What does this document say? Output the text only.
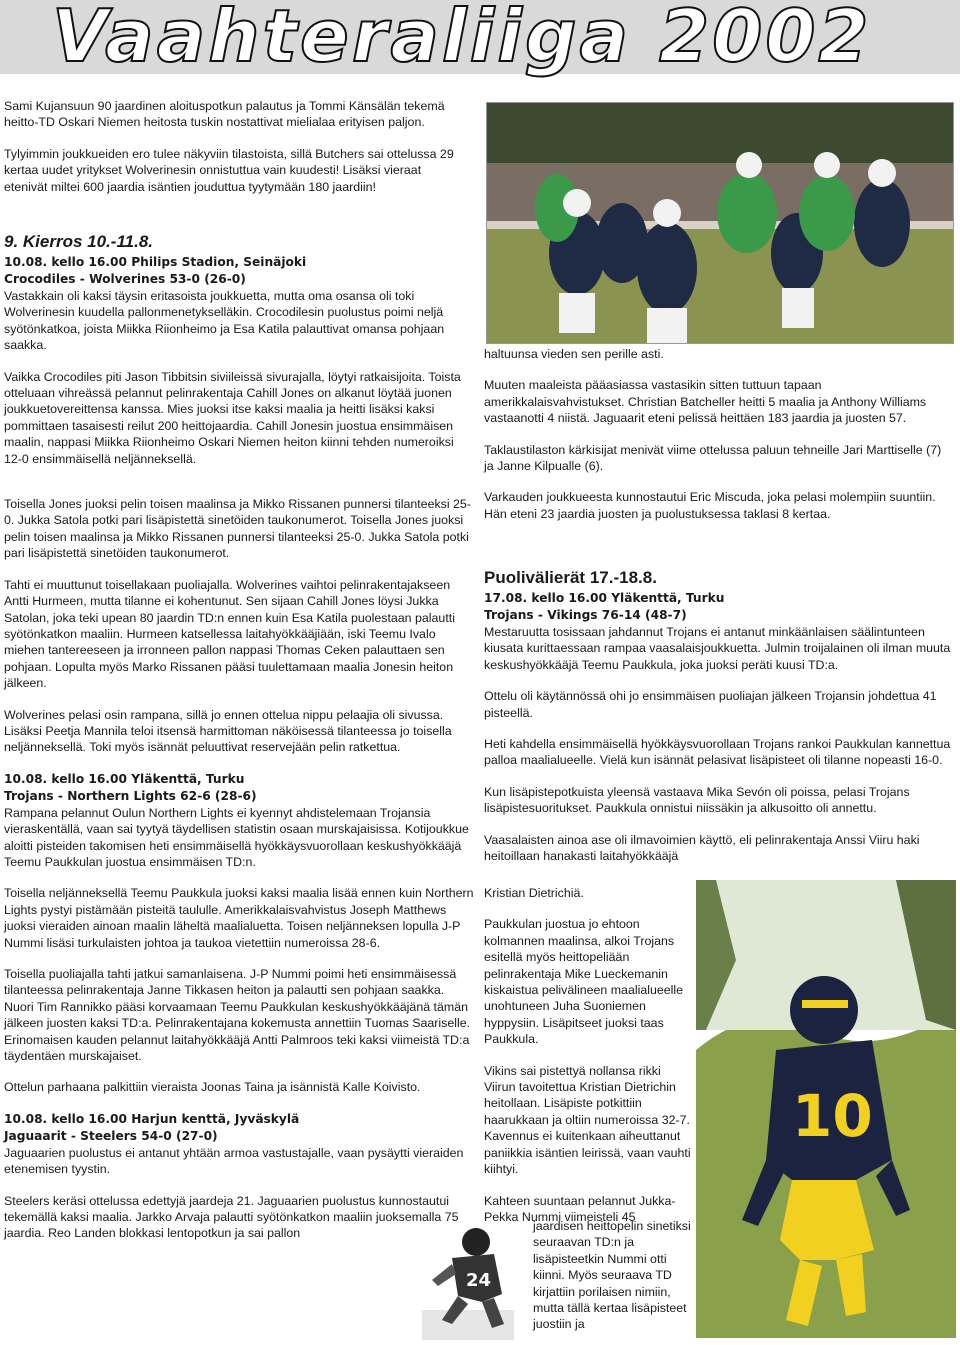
Vaahteraliiga 2002

Sami Kujansuun 90 jaardinen aloituspotkun palautus ja Tommi Känsälän tekemä heitto-TD Oskari Niemen heitosta tuskin nostattivat mielialaa erityisen paljon.

Tylyimmin joukkueiden ero tulee näkyviin tilastoista, sillä Butchers sai ottelussa 29 kertaa uudet yritykset Wolverinesin onnistuttua vain kuudesti! Lisäksi vieraat etenivät miltei 600 jaardia isäntien jouduttua tyytymään 180 jaardiin!

9. Kierros 10.-11.8.
10.08. kello 16.00 Philips Stadion, Seinäjoki
Crocodiles - Wolverines 53-0 (26-0)

Vastakkain oli kaksi täysin eritasoista joukkuetta, mutta oma osansa oli toki Wolverinesin kuudella pallonmenetykselläkin. Crocodilesin puolustus poimi neljä syötönkatkoa, joista Miikka Riionheimo ja Esa Katila palauttivat omansa pohjaan saakka.

Vaikka Crocodiles piti Jason Tibbitsin siviileissä sivurajalla, löytyi ratkaisijoita. Toista otteluaan vihreässä pelannut pelinrakentaja Cahill Jones on alkanut löytää juonen joukkuetovereittensa kanssa. Mies juoksi itse kaksi maalia ja heitti lisäksi kaksi pommittaen tasaisesti reilut 200 heittojaardia. Cahill Jonesin juostua ensimmäisen maalin, nappasi Miikka Riionheimo Oskari Niemen heiton kiinni tehden numeroiksi 12-0 ensimmäisellä neljänneksellä.

Toisella Jones juoksi pelin toisen maalinsa ja Mikko Rissanen punnersi tilanteeksi 25-0. Jukka Satola potki pari lisäpistettä sinetöiden taukonumerot. Toisella Jones juoksi pelin toisen maalinsa ja Mikko Rissanen punnersi tilanteeksi 25-0. Jukka Satola potki pari lisäpistettä sinetöiden taukonumerot.

Tahti ei muuttunut toisellakaan puoliajalla. Wolverines vaihtoi pelinrakentajakseen Antti Hurmeen, mutta tilanne ei kohentunut. Sen sijaan Cahill Jones löysi Jukka Satolan, joka teki upean 80 jaardin TD:n ennen kuin Esa Katila puolestaan palautti syötönkatkon maaliin. Hurmeen katsellessa laitahyökkääjiään, iski Teemu Ivalo miehen tantereeseen ja irronneen pallon nappasi Thomas Ceken palauttaen sen pohjaan. Lopulta myös Marko Rissanen pääsi tuulettamaan maalia Jonesin heiton jälkeen.

Wolverines pelasi osin rampana, sillä jo ennen ottelua nippu pelaajia oli sivussa. Lisäksi Peetja Mannila teloi itsensä harmittoman näköisessä tilanteessa jo toisella neljänneksellä. Toki myös isännät peluuttivat reservejään pelin ratkettua.

10.08. kello 16.00 Yläkenttä, Turku
Trojans - Northern Lights 62-6 (28-6)

Rampana pelannut Oulun Northern Lights ei kyennyt ahdistelemaan Trojansia vieraskentällä, vaan sai tyytyä täydellisen statistin osaan murskajaisissa. Kotijoukkue aloitti pisteiden takomisen heti ensimmäisellä hyökkäysvuorollaan keskushyökkääjä Teemu Paukkulan juostua ensimmäisen TD:n.

Toisella neljänneksellä Teemu Paukkula juoksi kaksi maalia lisää ennen kuin Northern Lights pystyi pistämään pisteitä taululle. Amerikkalaisvahvistus Joseph Matthews juoksi vieraiden ainoan maalin läheltä maalialuetta. Toisen neljänneksen lopulla J-P Nummi lisäsi turkulaisten johtoa ja taukoa vietettiin numeroissa 28-6.

Toisella puoliajalla tahti jatkui samanlaisena. J-P Nummi poimi heti ensimmäisessä tilanteessa pelinrakentaja Janne Tikkasen heiton ja palautti sen pohjaan saakka. Nuori Tim Rannikko pääsi korvaamaan Teemu Paukkulan keskushyökkääjänä tämän jälkeen juosten kaksi TD:a. Pelinrakentajana kokemusta annettiin Tuomas Saariselle. Erinomaisen kauden pelannut laitahyökkääjä Antti Palmroos teki kaksi viimeistä TD:a täydentäen murskajaiset.

Ottelun parhaana palkittiin vieraista Joonas Taina ja isännistä Kalle Koivisto.

10.08. kello 16.00 Harjun kenttä, Jyväskylä
Jaguaarit - Steelers 54-0 (27-0)

Jaguaarien puolustus ei antanut yhtään armoa vastustajalle, vaan pysäytti vieraiden etenemisen tyystin.

Steelers keräsi ottelussa edettyjä jaardeja 21. Jaguaarien puolustus kunnostautui tekemällä kaksi maalia. Jarkko Arvaja palautti syötönkatkon maaliin juoksemalla 75 jaardia. Reo Landen blokkasi lentopotkun ja sai pallon

24

haltuunsa vieden sen perille asti.

Muuten maaleista pääasiassa vastasikin sitten tuttuun tapaan amerikkalaisvahvistukset. Christian Batcheller heitti 5 maalia ja Anthony Williams vastaanotti 4 niistä. Jaguaarit eteni pelissä heittäen 183 jaardia ja juosten 57.

Taklaustilaston kärkisijat menivät viime ottelussa paluun tehneille Jari Marttiselle (7) ja Janne Kilpualle (6).

Varkauden joukkueesta kunnostautui Eric Miscuda, joka pelasi molempiin suuntiin. Hän eteni 23 jaardia juosten ja puolustuksessa taklasi 8 kertaa.

Puolivälierät 17.-18.8.
17.08. kello 16.00 Yläkenttä, Turku
Trojans - Vikings 76-14 (48-7)

Mestaruutta tosissaan jahdannut Trojans ei antanut minkäänlaisen säälintunteen kiusata kurittaessaan rampaa vaasalaisjoukkuetta. Julmin troijalainen oli ilman muuta keskushyökkääjä Teemu Paukkula, joka juoksi peräti kuusi TD:a.

Ottelu oli käytännössä ohi jo ensimmäisen puoliajan jälkeen Trojansin johdettua 41 pisteellä.

Heti kahdella ensimmäisellä hyökkäysvuorollaan Trojans rankoi Paukkulan kannettua palloa maalialueelle. Vielä kun isännät pelasivat lisäpisteet oli tilanne nopeasti 16-0.

Kun lisäpistepotkuista yleensä vastaava Mika Sevón oli poissa, pelasi Trojans lisäpistesuoritukset. Paukkula onnistui niissäkin ja alkusoitto oli annettu.

Vaasalaisten ainoa ase oli ilmavoimien käyttö, eli pelinrakentaja Anssi Viiru haki heitoillaan hanakasti laitahyökkääjä

Kristian Dietrichiä.

Paukkulan juostua jo ehtoon kolmannen maalinsa, alkoi Trojans esitellä myös heittopeliään pelinrakentaja Mike Lueckemanin kiskaistua pelivälineen maalialueelle unohtuneen Juha Suoniemen hyppysiin. Lisäpitseet juoksi taas Paukkula.

Vikins sai pistettyä nollansa rikki Viirun tavoitettua Kristian Dietrichin heitollaan. Lisäpiste potkittiin haarukkaan ja oltiin numeroissa 32-7. Kavennus ei kuitenkaan aiheuttanut paniikkia isäntien leirissä, vaan vauhti kiihtyi.

Kahteen suuntaan pelannut Jukka-Pekka Nummi viimeisteli 45
jaardisen heittopelin sinetiksi seuraavan TD:n ja lisäpisteetkin Nummi otti kiinni. Myös seuraava TD kirjattiin porilaisen nimiin, mutta tällä kertaa lisäpisteet juostiin ja
10
